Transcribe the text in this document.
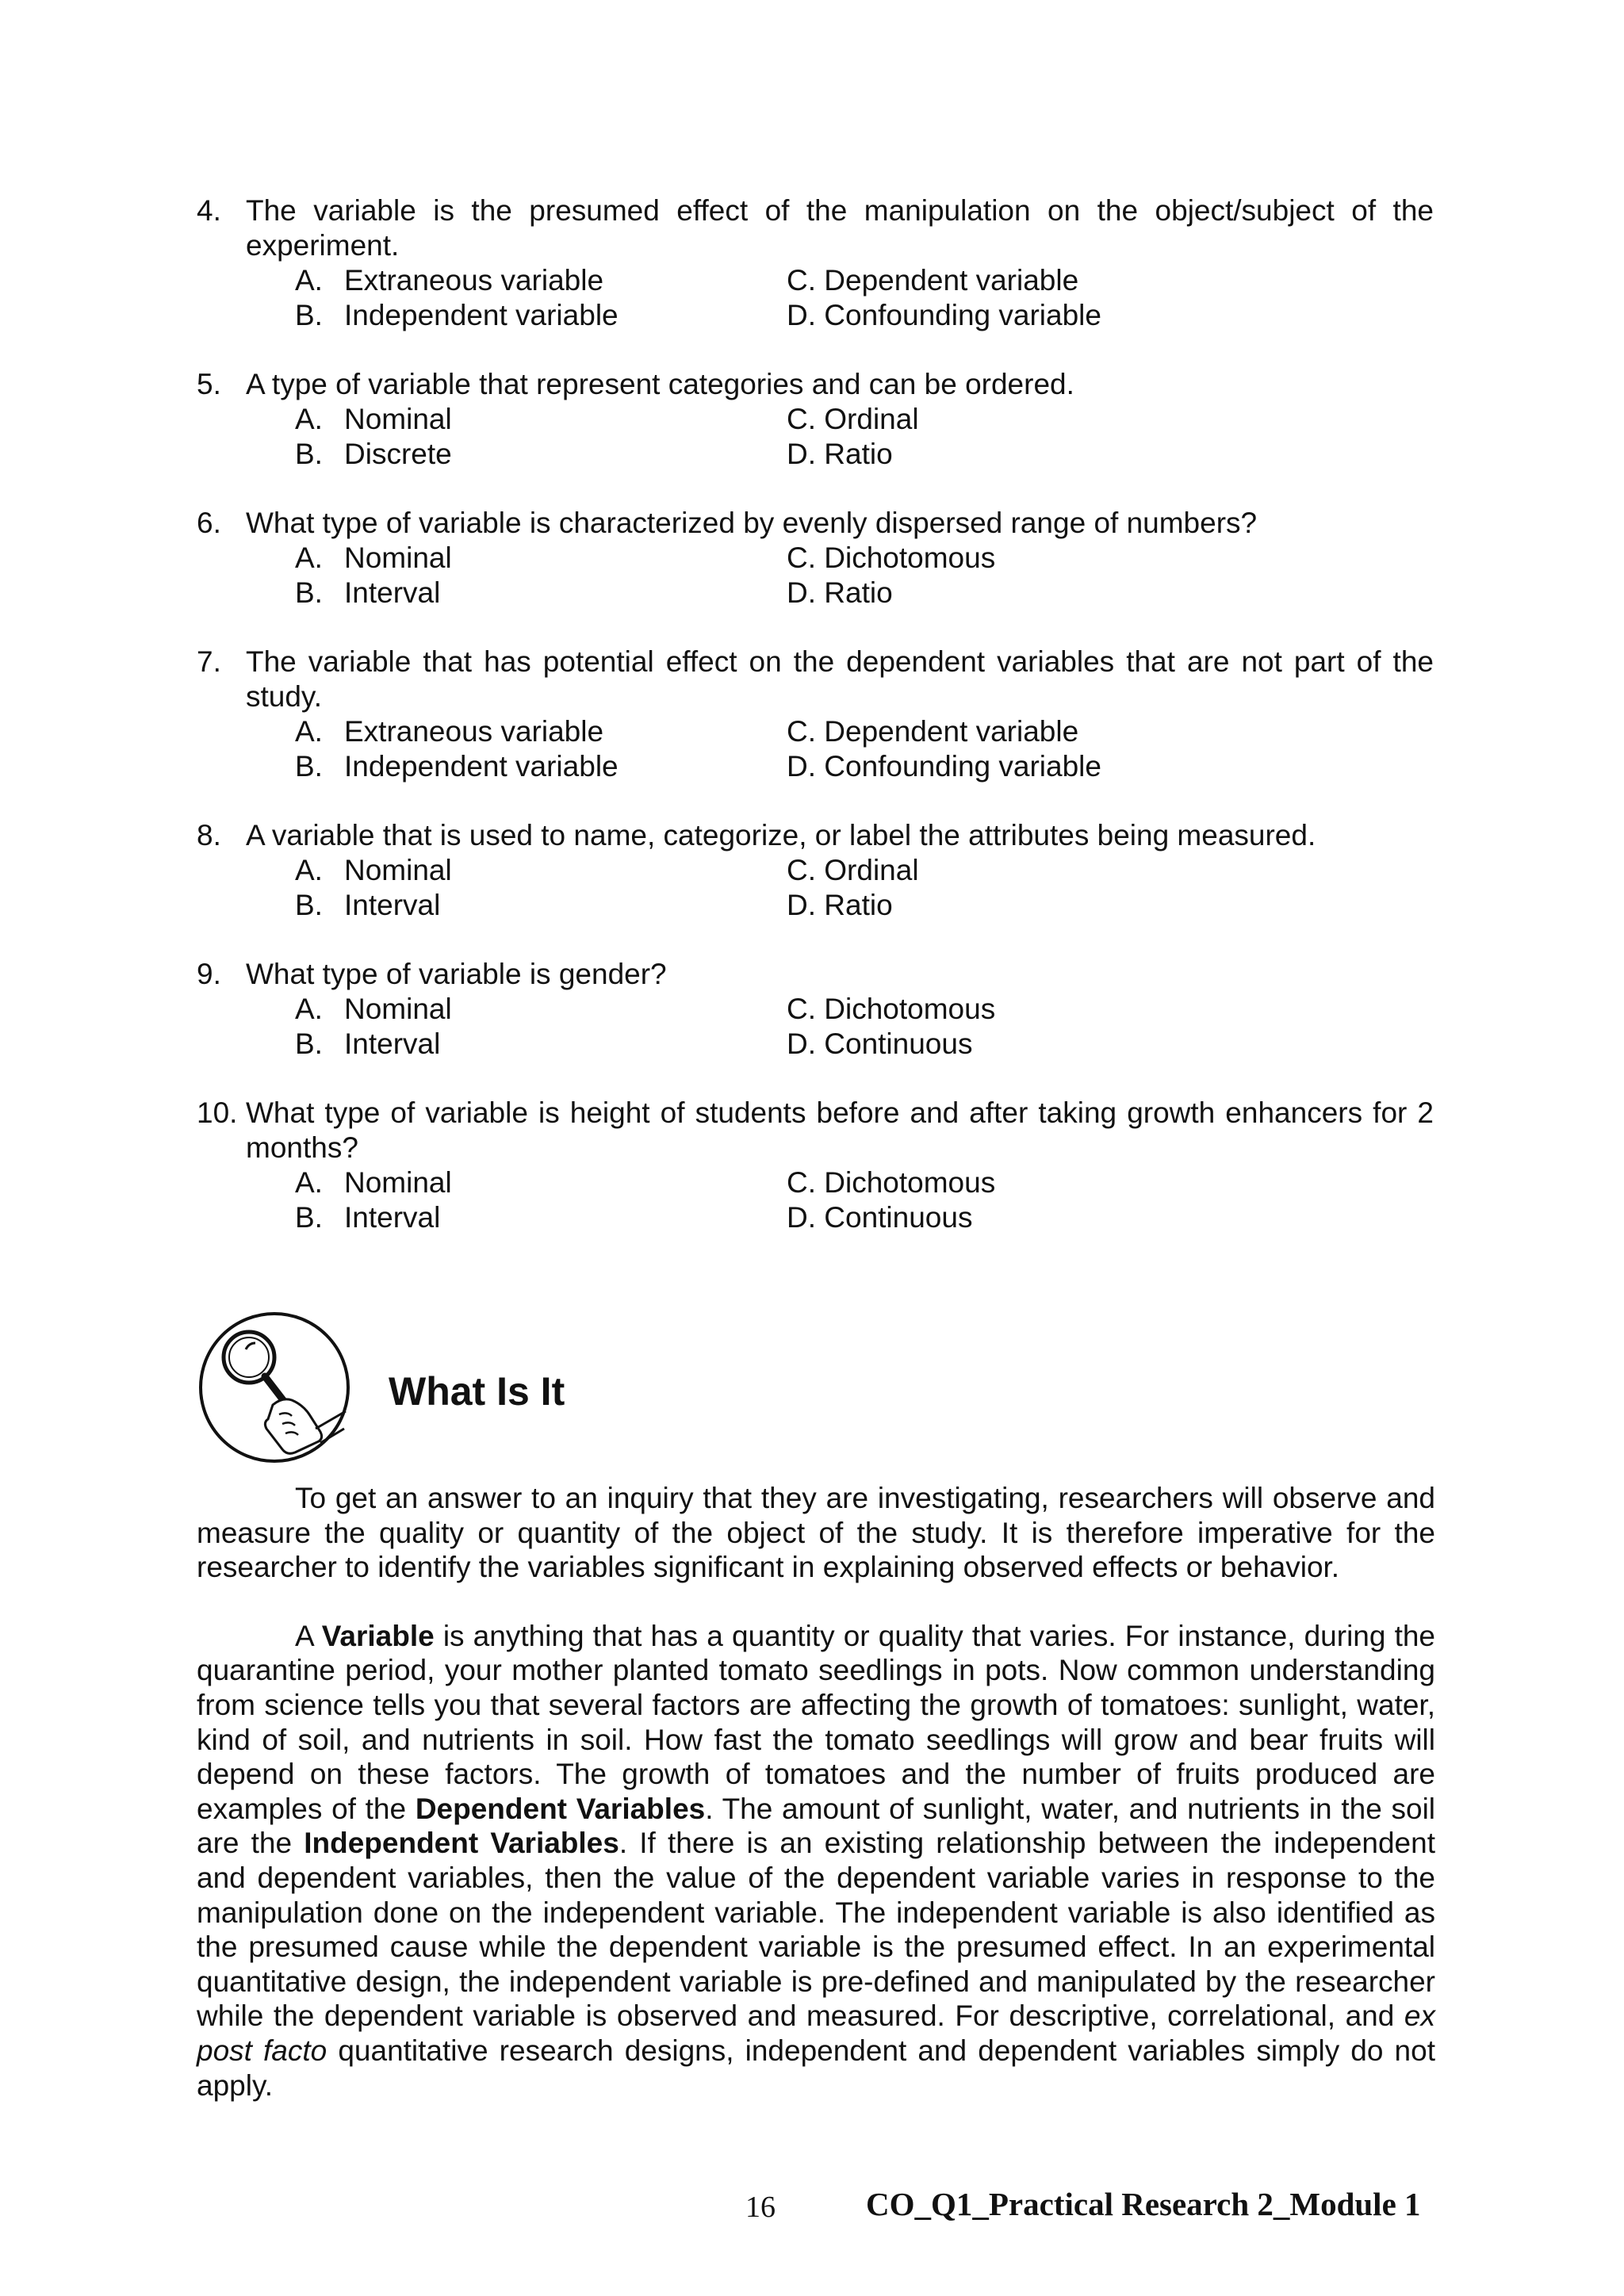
4. The variable is the presumed effect of the manipulation on the object/subject of the
experiment.
A. Extraneous variable	C. Dependent variable
B. Independent variable	D. Confounding variable
5. A type of variable that represent categories and can be ordered.
A. Nominal	C. Ordinal
B. Discrete	D. Ratio
6. What type of variable is characterized by evenly dispersed range of numbers?
A. Nominal	C. Dichotomous
B. Interval	D. Ratio
7. The variable that has potential effect on the dependent variables that are not part of the
study.
A. Extraneous variable	C. Dependent variable
B. Independent variable	D. Confounding variable
8. A variable that is used to name, categorize, or label the attributes being measured.
A. Nominal	C. Ordinal
B. Interval	D. Ratio
9. What type of variable is gender?
A. Nominal	C. Dichotomous
B. Interval	D. Continuous
10. What type of variable is height of students before and after taking growth enhancers for 2
months?
A. Nominal	C. Dichotomous
B. Interval	D. Continuous
What Is It

To get an answer to an inquiry that they are investigating, researchers will observe and measure the quality or quantity of the object of the study. It is therefore imperative for the researcher to identify the variables significant in explaining observed effects or behavior.

A Variable is anything that has a quantity or quality that varies. For instance, during the quarantine period, your mother planted tomato seedlings in pots. Now common understanding from science tells you that several factors are affecting the growth of tomatoes: sunlight, water, kind of soil, and nutrients in soil. How fast the tomato seedlings will grow and bear fruits will depend on these factors. The growth of tomatoes and the number of fruits produced are examples of the Dependent Variables. The amount of sunlight, water, and nutrients in the soil are the Independent Variables. If there is an existing relationship between the independent and dependent variables, then the value of the dependent variable varies in response to the manipulation done on the independent variable. The independent variable is also identified as the presumed cause while the dependent variable is the presumed effect. In an experimental quantitative design, the independent variable is pre-defined and manipulated by the researcher while the dependent variable is observed and measured. For descriptive, correlational, and ex post facto quantitative research designs, independent and dependent variables simply do not apply.

16	CO_Q1_Practical Research 2_Module 1
